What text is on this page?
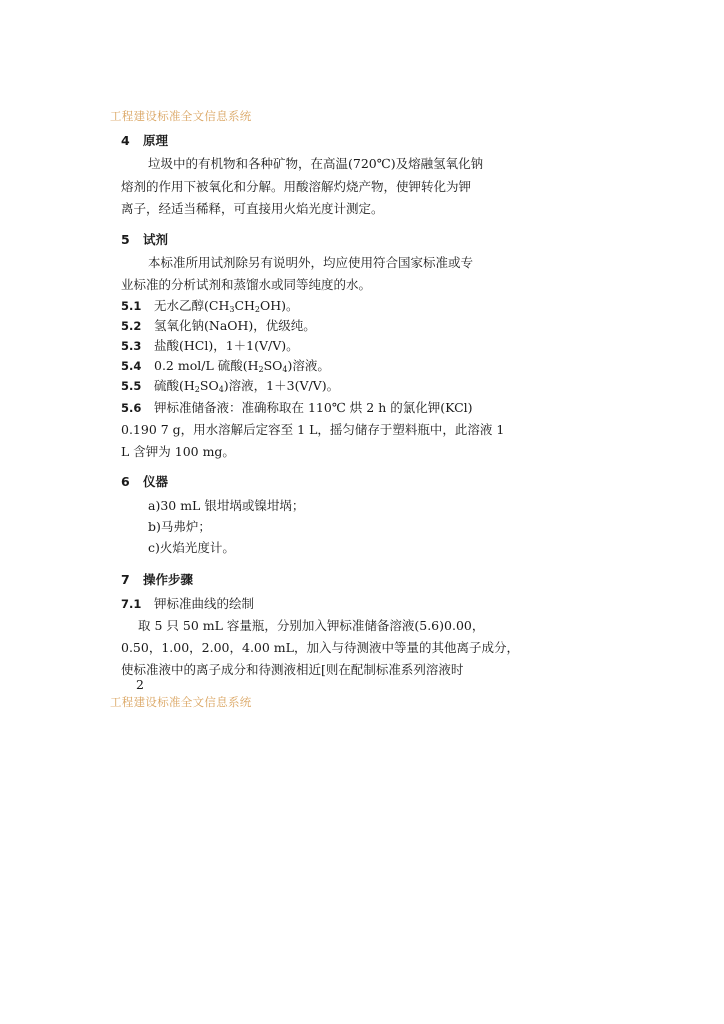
工程建设标准全文信息系统
4 原理
垃圾中的有机物和各种矿物，在高温(720℃)及熔融氢氧化钠
熔剂的作用下被氧化和分解。用酸溶解灼烧产物，使钾转化为钾
离子，经适当稀释，可直接用火焰光度计测定。
5 试剂
本标准所用试剂除另有说明外，均应使用符合国家标准或专
业标准的分析试剂和蒸馏水或同等纯度的水。
5.1 无水乙醇$(CH_3CH_2OH)$。
5.2 氢氧化钠(NaOH)，优级纯。
5.3 盐酸(HCl)，1＋1(V/V)。
5.4 0.2 mol/L 硫酸$(H_2SO_4)$溶液。
5.5 硫酸$(H_2SO_4)$溶液，1＋3(V/V)。
5.6 钾标准储备液：准确称取在 110℃ 烘 2 h 的氯化钾(KCl)
0.190 7 g，用水溶解后定容至 1 L，摇匀储存于塑料瓶中，此溶液 1
L 含钾为 100 mg。
6 仪器
a)30 mL 银坩埚或镍坩埚；
b)马弗炉；
c)火焰光度计。
7 操作步骤
7.1 钾标准曲线的绘制
取 5 只 50 mL 容量瓶，分别加入钾标准储备溶液(5.6)0.00，
0.50，1.00，2.00，4.00 mL，加入与待测液中等量的其他离子成分，
使标准液中的离子成分和待测液相近[则在配制标准系列溶液时
2
工程建设标准全文信息系统
